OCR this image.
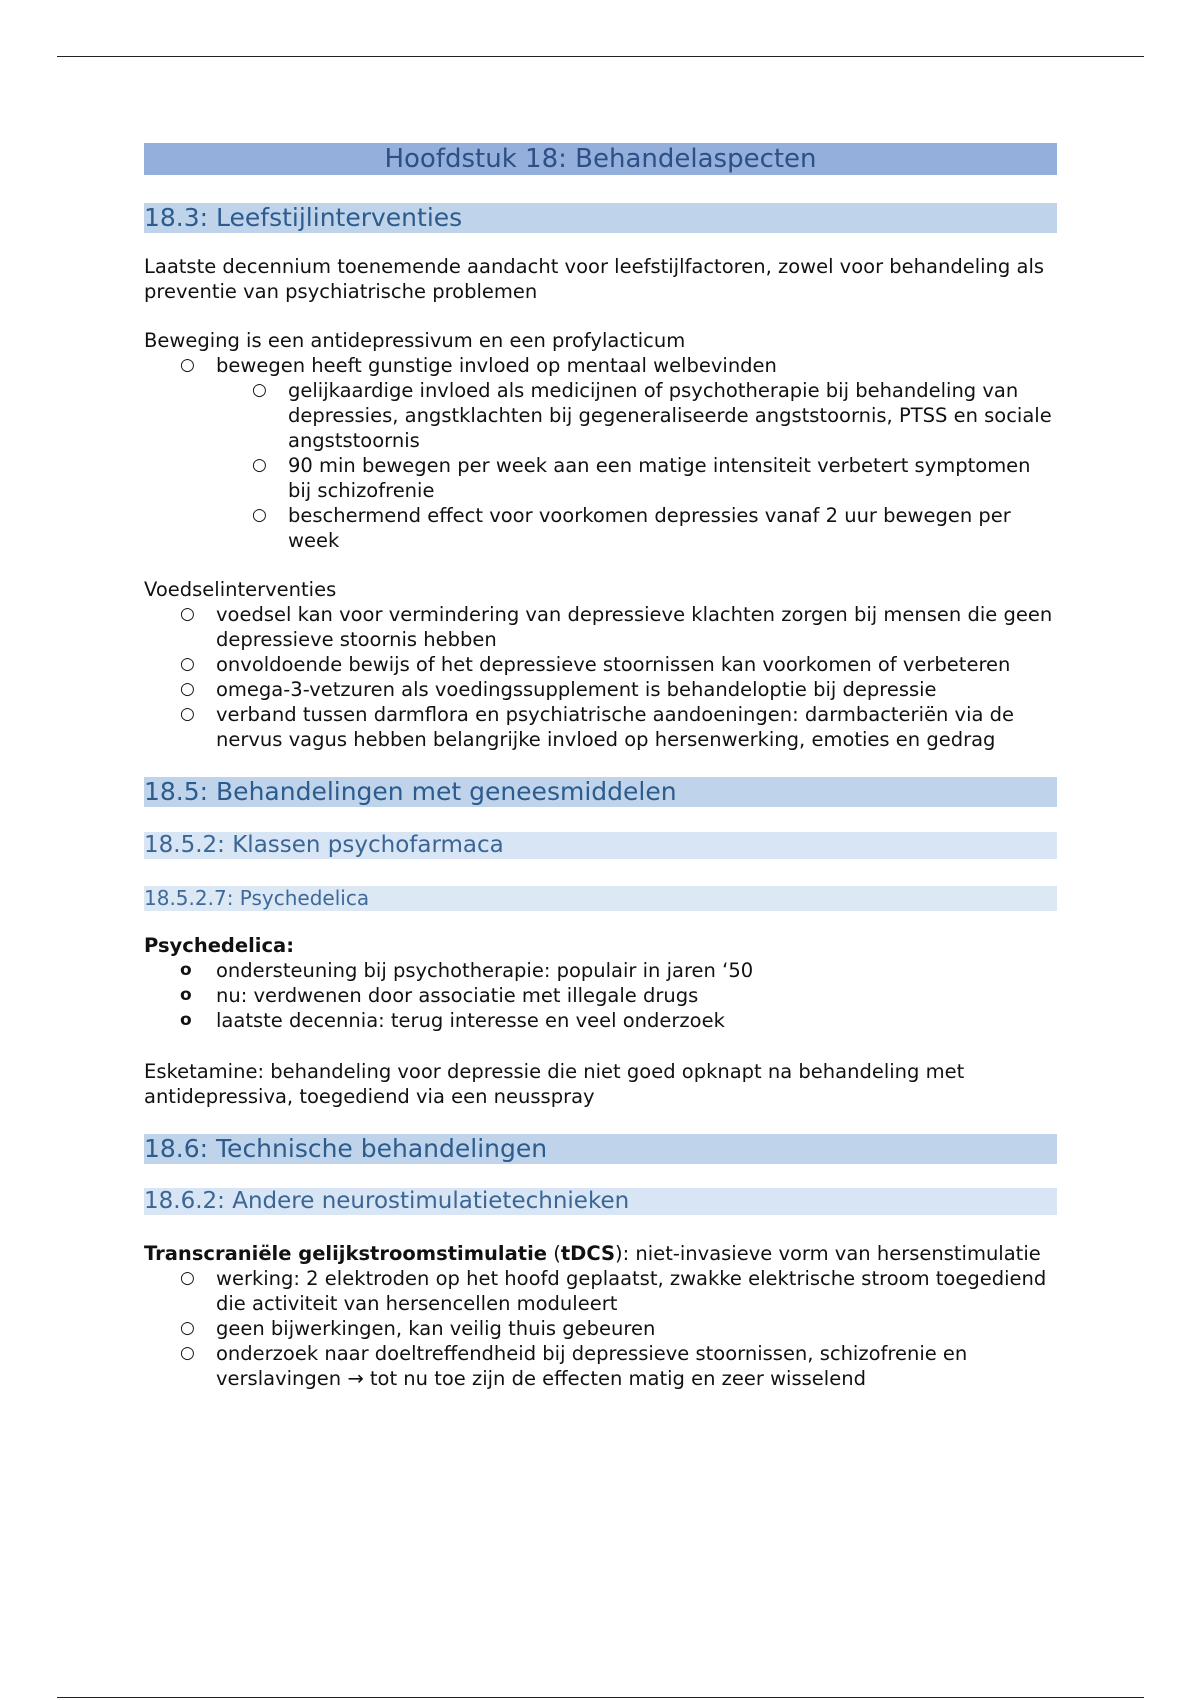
Hoofdstuk 18: Behandelaspecten
18.3: Leefstijlinterventies

Laatste decennium toenemende aandacht voor leefstijlfactoren, zowel voor behandeling als preventie van psychiatrische problemen

Beweging is een antidepressivum en een profylacticum

○ bewegen heeft gunstige invloed op mentaal welbevinden
○ gelijkaardige invloed als medicijnen of psychotherapie bij behandeling van depressies, angstklachten bij gegeneraliseerde angststoornis, PTSS en sociale angststoornis
○ 90 min bewegen per week aan een matige intensiteit verbetert symptomen bij schizofrenie
○ beschermend effect voor voorkomen depressies vanaf 2 uur bewegen per week

Voedselinterventies

○ voedsel kan voor vermindering van depressieve klachten zorgen bij mensen die geen depressieve stoornis hebben
○ onvoldoende bewijs of het depressieve stoornissen kan voorkomen of verbeteren
○ omega-3-vetzuren als voedingssupplement is behandeloptie bij depressie
○ verband tussen darmflora en psychiatrische aandoeningen: darmbacteriën via de nervus vagus hebben belangrijke invloed op hersenwerking, emoties en gedrag
18.5: Behandelingen met geneesmiddelen
18.5.2: Klassen psychofarmaca
18.5.2.7: Psychedelica

Psychedelica:

o ondersteuning bij psychotherapie: populair in jaren ‘50
o nu: verdwenen door associatie met illegale drugs
o laatste decennia: terug interesse en veel onderzoek

Esketamine: behandeling voor depressie die niet goed opknapt na behandeling met antidepressiva, toegediend via een neusspray

18.6: Technische behandelingen
18.6.2: Andere neurostimulatietechnieken

Transcraniële gelijkstroomstimulatie (tDCS): niet-invasieve vorm van hersenstimulatie

○ werking: 2 elektroden op het hoofd geplaatst, zwakke elektrische stroom toegediend die activiteit van hersencellen moduleert
○ geen bijwerkingen, kan veilig thuis gebeuren
○ onderzoek naar doeltreffendheid bij depressieve stoornissen, schizofrenie en verslavingen → tot nu toe zijn de effecten matig en zeer wisselend
